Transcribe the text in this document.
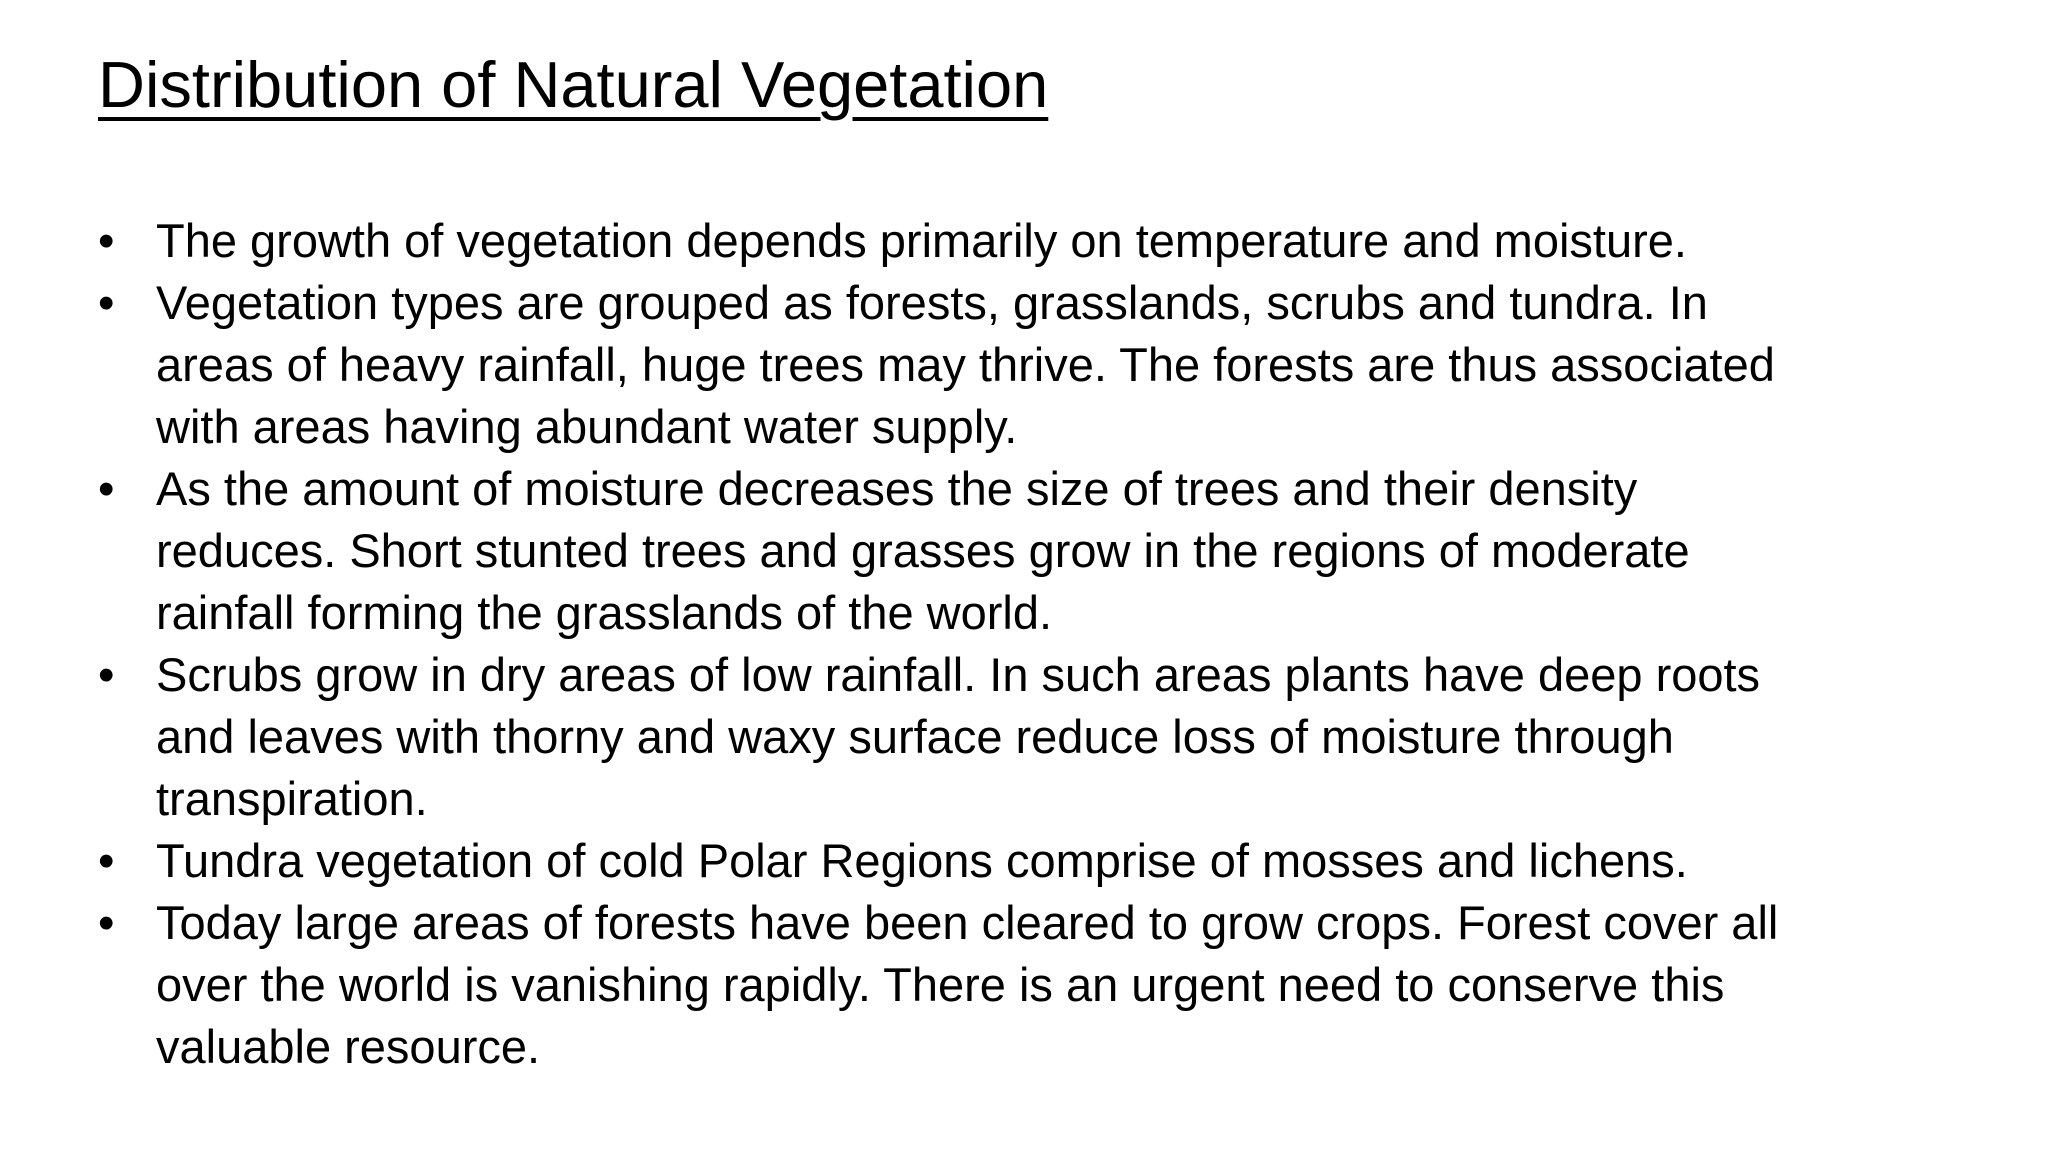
Distribution of Natural Vegetation
• The growth of vegetation depends primarily on temperature and moisture.
• Vegetation types are grouped as forests, grasslands, scrubs and tundra. In
areas of heavy rainfall, huge trees may thrive. The forests are thus associated
with areas having abundant water supply.
• As the amount of moisture decreases the size of trees and their density
reduces. Short stunted trees and grasses grow in the regions of moderate
rainfall forming the grasslands of the world.
• Scrubs grow in dry areas of low rainfall. In such areas plants have deep roots
and leaves with thorny and waxy surface reduce loss of moisture through
transpiration.
• Tundra vegetation of cold Polar Regions comprise of mosses and lichens.
• Today large areas of forests have been cleared to grow crops. Forest cover all
over the world is vanishing rapidly. There is an urgent need to conserve this
valuable resource.
